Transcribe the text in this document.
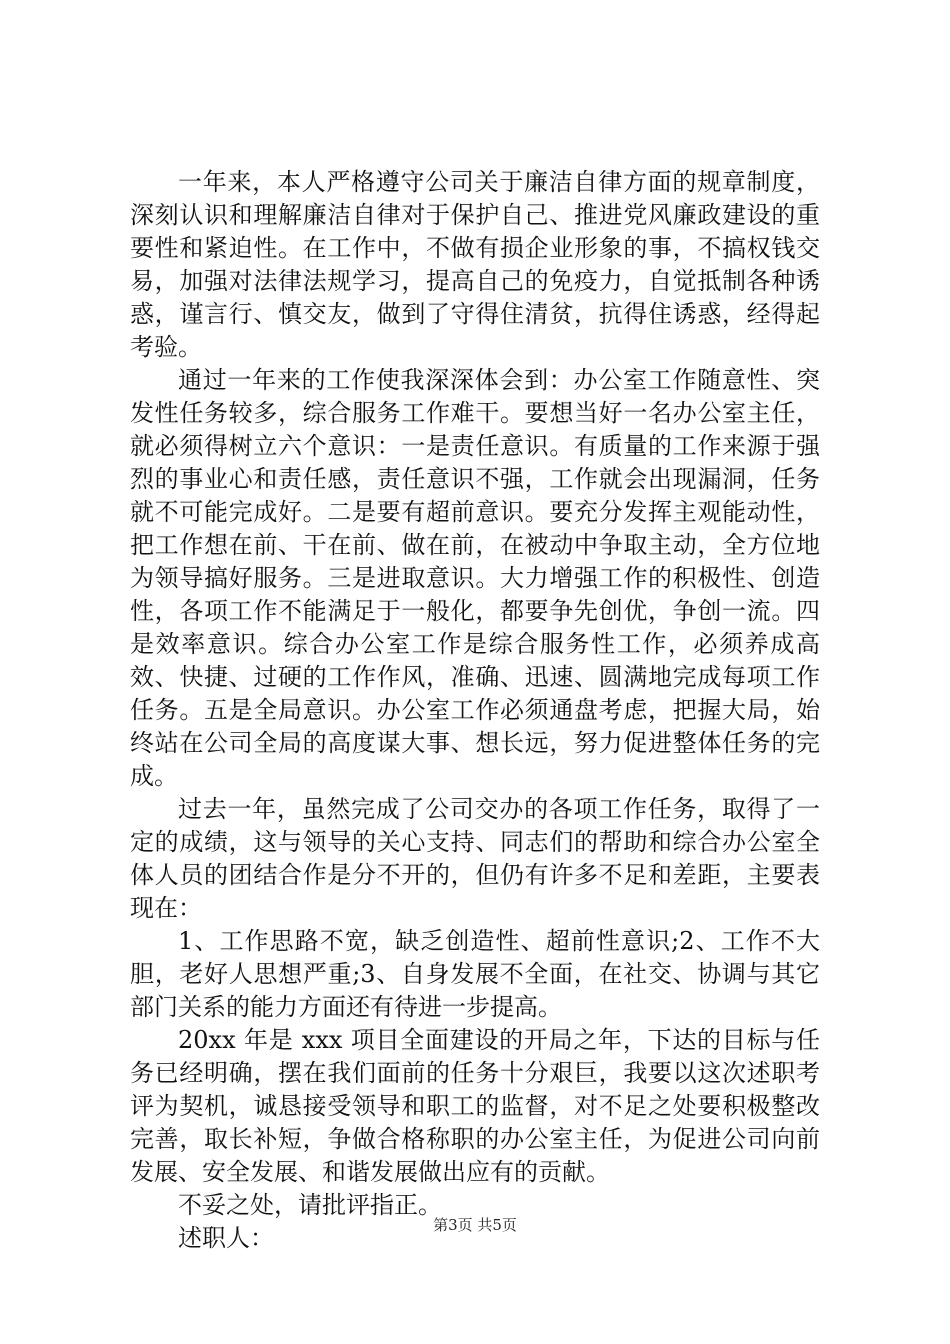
一年来，本人严格遵守公司关于廉洁自律方面的规章制度，深刻认识和理解廉洁自律对于保护自己、推进党风廉政建设的重要性和紧迫性。在工作中，不做有损企业形象的事，不搞权钱交易，加强对法律法规学习，提高自己的免疫力，自觉抵制各种诱惑，谨言行、慎交友，做到了守得住清贫，抗得住诱惑，经得起考验。

通过一年来的工作使我深深体会到：办公室工作随意性、突发性任务较多，综合服务工作难干。要想当好一名办公室主任，就必须得树立六个意识：一是责任意识。有质量的工作来源于强烈的事业心和责任感，责任意识不强，工作就会出现漏洞，任务就不可能完成好。二是要有超前意识。要充分发挥主观能动性，把工作想在前、干在前、做在前，在被动中争取主动，全方位地为领导搞好服务。三是进取意识。大力增强工作的积极性、创造性，各项工作不能满足于一般化，都要争先创优，争创一流。四是效率意识。综合办公室工作是综合服务性工作，必须养成高效、快捷、过硬的工作作风，准确、迅速、圆满地完成每项工作任务。五是全局意识。办公室工作必须通盘考虑，把握大局，始终站在公司全局的高度谋大事、想长远，努力促进整体任务的完成。

过去一年，虽然完成了公司交办的各项工作任务，取得了一定的成绩，这与领导的关心支持、同志们的帮助和综合办公室全体人员的团结合作是分不开的，但仍有许多不足和差距，主要表现在：

1、工作思路不宽，缺乏创造性、超前性意识;2、工作不大胆，老好人思想严重;3、自身发展不全面，在社交、协调与其它部门关系的能力方面还有待进一步提高。

20xx 年是 xxx 项目全面建设的开局之年，下达的目标与任务已经明确，摆在我们面前的任务十分艰巨，我要以这次述职考评为契机，诚恳接受领导和职工的监督，对不足之处要积极整改完善，取长补短，争做合格称职的办公室主任，为促进公司向前发展、安全发展、和谐发展做出应有的贡献。

不妥之处，请批评指正。

述职人：	第3页 共5页
